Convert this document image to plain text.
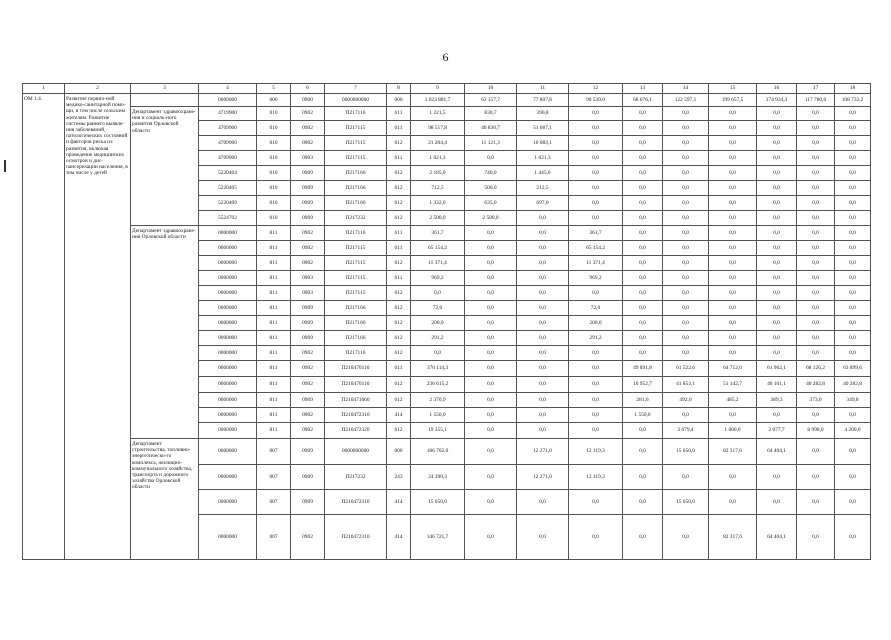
6
1	2	3	4	5	6	7	8	9	10	11	12	13	14	15	16	17	18
ОМ 1.4.	Развитие первич-ной медико-санитарной помо-щи, в том числе сельским жителям. Развитие системы раннего выявле-ния заболеваний, патологических состояний и факторов риска их развития, включая проведение медицинских осмотров и дис-пансеризации населения, в том числе у детей		0000000	000	0900	0000000000	000	1 023 881,7	63 157,7	77 807,8	90 539,0	68 676,1	122 597,1	199 657,5	174 934,3	117 780,0	108 732,2
		Департамент здравоохране-ния и социаль-ного развития Орловской области	4719900	010	0902	П217116	611	1 221,5	830,7	390,8	0,0	0,0	0,0	0,0	0,0	0,0	0,0
			4709900	010	0902	П217115	611	98 517,8	46 830,7	51 687,1	0,0	0,0	0,0	0,0	0,0	0,0	0,0
			4709900	010	0902	П217115	612	21 204,4	11 121,3	10 083,1	0,0	0,0	0,0	0,0	0,0	0,0	0,0
			4709900	010	0903	П217115	611	1 021,3	0,0	1 021,3	0,0	0,0	0,0	0,0	0,0	0,0	0,0
			5220404	010	0909	П217166	612	2 185,0	740,0	1 445,0	0,0	0,0	0,0	0,0	0,0	0,0	0,0
			5220405	010	0909	П217166	612	712,5	500,0	212,5	0,0	0,0	0,0	0,0	0,0	0,0	0,0
			5220409	010	0909	П217166	612	1 332,0	635,0	697,0	0,0	0,0	0,0	0,0	0,0	0,0	0,0
			5524702	010	0909	П217232	612	2 500,0	2 500,0	0,0	0,0	0,0	0,0	0,0	0,0	0,0	0,0
		Департамент здравоохране-ния Орловской области	0000000	811	0902	П217116	611	361,7	0,0	0,0	361,7	0,0	0,0	0,0	0,0	0,0	0,0
			0000000	811	0902	П217115	611	65 154,2	0,0	0,0	65 154,2	0,0	0,0	0,0	0,0	0,0	0,0
			0000000	811	0902	П217115	612	11 371,4	0,0	0,0	11 371,4	0,0	0,0	0,0	0,0	0,0	0,0
			0000000	811	0903	П217115	611	969,2	0,0	0,0	969,2	0,0	0,0	0,0	0,0	0,0	0,0
			0000000	811	0903	П217115	612	0,0	0,0	0,0	0,0	0,0	0,0	0,0	0,0	0,0	0,0
			0000000	811	0909	П217166	612	72,0	0,0	0,0	72,0	0,0	0,0	0,0	0,0	0,0	0,0
			0000000	811	0909	П217166	612	200,0	0,0	0,0	200,0	0,0	0,0	0,0	0,0	0,0	0,0
			0000000	811	0909	П217166	612	291,2	0,0	0,0	291,2	0,0	0,0	0,0	0,0	0,0	0,0
			0000000	811	0902	П217116	612	0,0	0,0	0,0	0,0	0,0	0,0	0,0	0,0	0,0	0,0
			0000000	811	0902	П210470110	611	370 114,3	0,0	0,0	0,0	49 891,8	61 522,6	64 712,0	61 962,1	68 126,2	63 899,6
			0000000	811	0902	П210470110	612	236 615,2	0,0	0,0	0,0	16 952,7	41 853,1	51 142,7	46 101,1	40 282,8	40 282,8
			0000000	811	0909	П210471660	612	2 370,9	0,0	0,0	0,0	281,6	492,0	485,2	389,3	373,0	349,8
			0000000	811	0902	П210472310	414	1 550,0	0,0	0,0	0,0	1 550,0	0,0	0,0	0,0	0,0	0,0
			0000000	811	0902	П210472320	612	19 355,1	0,0	0,0	0,0	0,0	3 079,4	1 000,0	2 077,7	8 998,0	4 200,0
		Департамент строительства, топливно-энергетическо-го комплекса, жилищно-коммунального хозяйства, транспорта и дорожного хозяйства Орловской области	0000000	007	0909	0000000000	000	186 762,0	0,0	12 271,0	12 119,3	0,0	15 650,0	82 317,6	64 404,1	0,0	0,0
			0000000	007	0909	П217232	243	24 390,3	0,0	12 271,0	12 119,3	0,0	0,0	0,0	0,0	0,0	0,0
			0000000	007	0909	П210472310	414	15 650,0	0,0	0,0	0,0	0,0	15 650,0	0,0	0,0	0,0	0,0
			0000000	007	0902	П210472310	414	146 721,7	0,0	0,0	0,0	0,0	0,0	82 317,6	64 404,1	0,0	0,0
